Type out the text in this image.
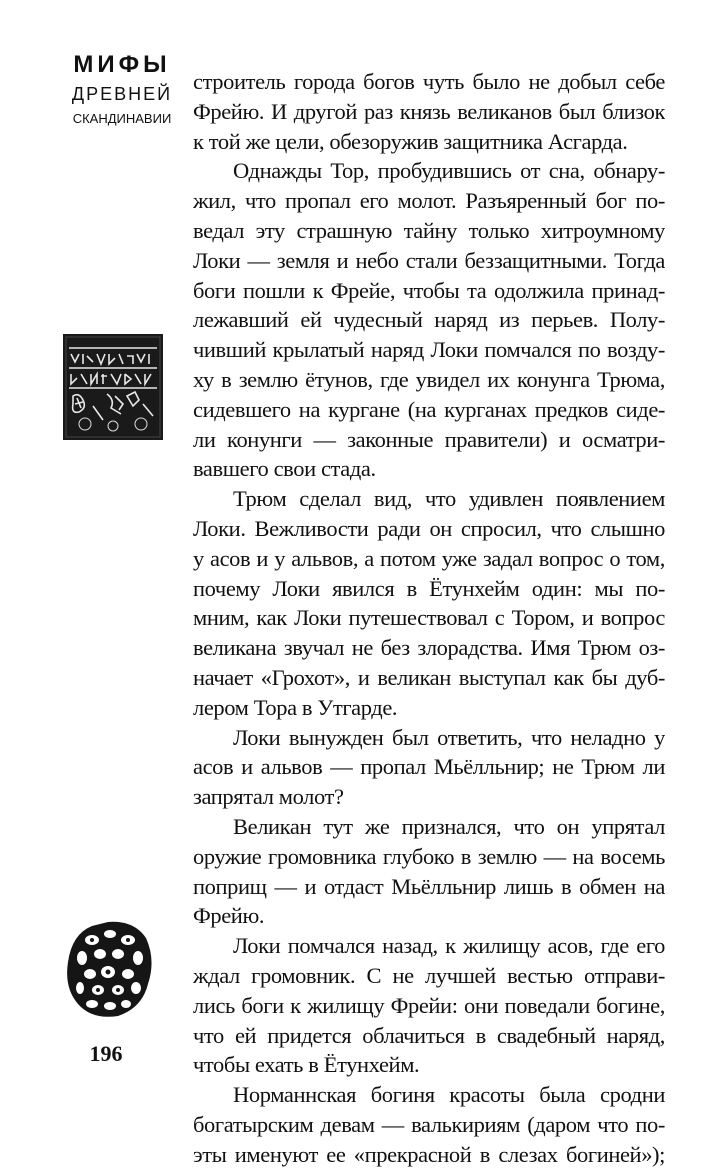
МИФЫ
ДРЕВНЕЙ
СКАНДИНАВИИ
строитель города богов чуть было не добыл себе
Фрейю. И другой раз князь великанов был близок
к той же цели, обезоружив защитника Асгарда.
Однажды Тор, пробудившись от сна, обнару-
жил, что пропал его молот. Разъяренный бог по-
ведал эту страшную тайну только хитроумному
Локи — земля и небо стали беззащитными. Тогда
боги пошли к Фрейе, чтобы та одолжила принад-
лежавший ей чудесный наряд из перьев. Полу-
чивший крылатый наряд Локи помчался по возду-
ху в землю ётунов, где увидел их конунга Трюма,
сидевшего на кургане (на курганах предков сиде-
ли конунги — законные правители) и осматри-
вавшего свои стада.
Трюм сделал вид, что удивлен появлением
Локи. Вежливости ради он спросил, что слышно
у асов и у альвов, а потом уже задал вопрос о том,
почему Локи явился в Ётунхейм один: мы по-
мним, как Локи путешествовал с Тором, и вопрос
великана звучал не без злорадства. Имя Трюм оз-
начает «Грохот», и великан выступал как бы дуб-
лером Тора в Утгарде.
Локи вынужден был ответить, что неладно у
асов и альвов — пропал Мьёлльнир; не Трюм ли
запрятал молот?
Великан тут же признался, что он упрятал
оружие громовника глубоко в землю — на восемь
поприщ — и отдаст Мьёлльнир лишь в обмен на
Фрейю.
Локи помчался назад, к жилищу асов, где его
ждал громовник. С не лучшей вестью отправи-
лись боги к жилищу Фрейи: они поведали богине,
что ей придется облачиться в свадебный наряд,
чтобы ехать в Ётунхейм.
Норманнская богиня красоты была сродни
богатырским девам — валькириям (даром что по-
эты именуют ее «прекрасной в слезах богиней»);
196
